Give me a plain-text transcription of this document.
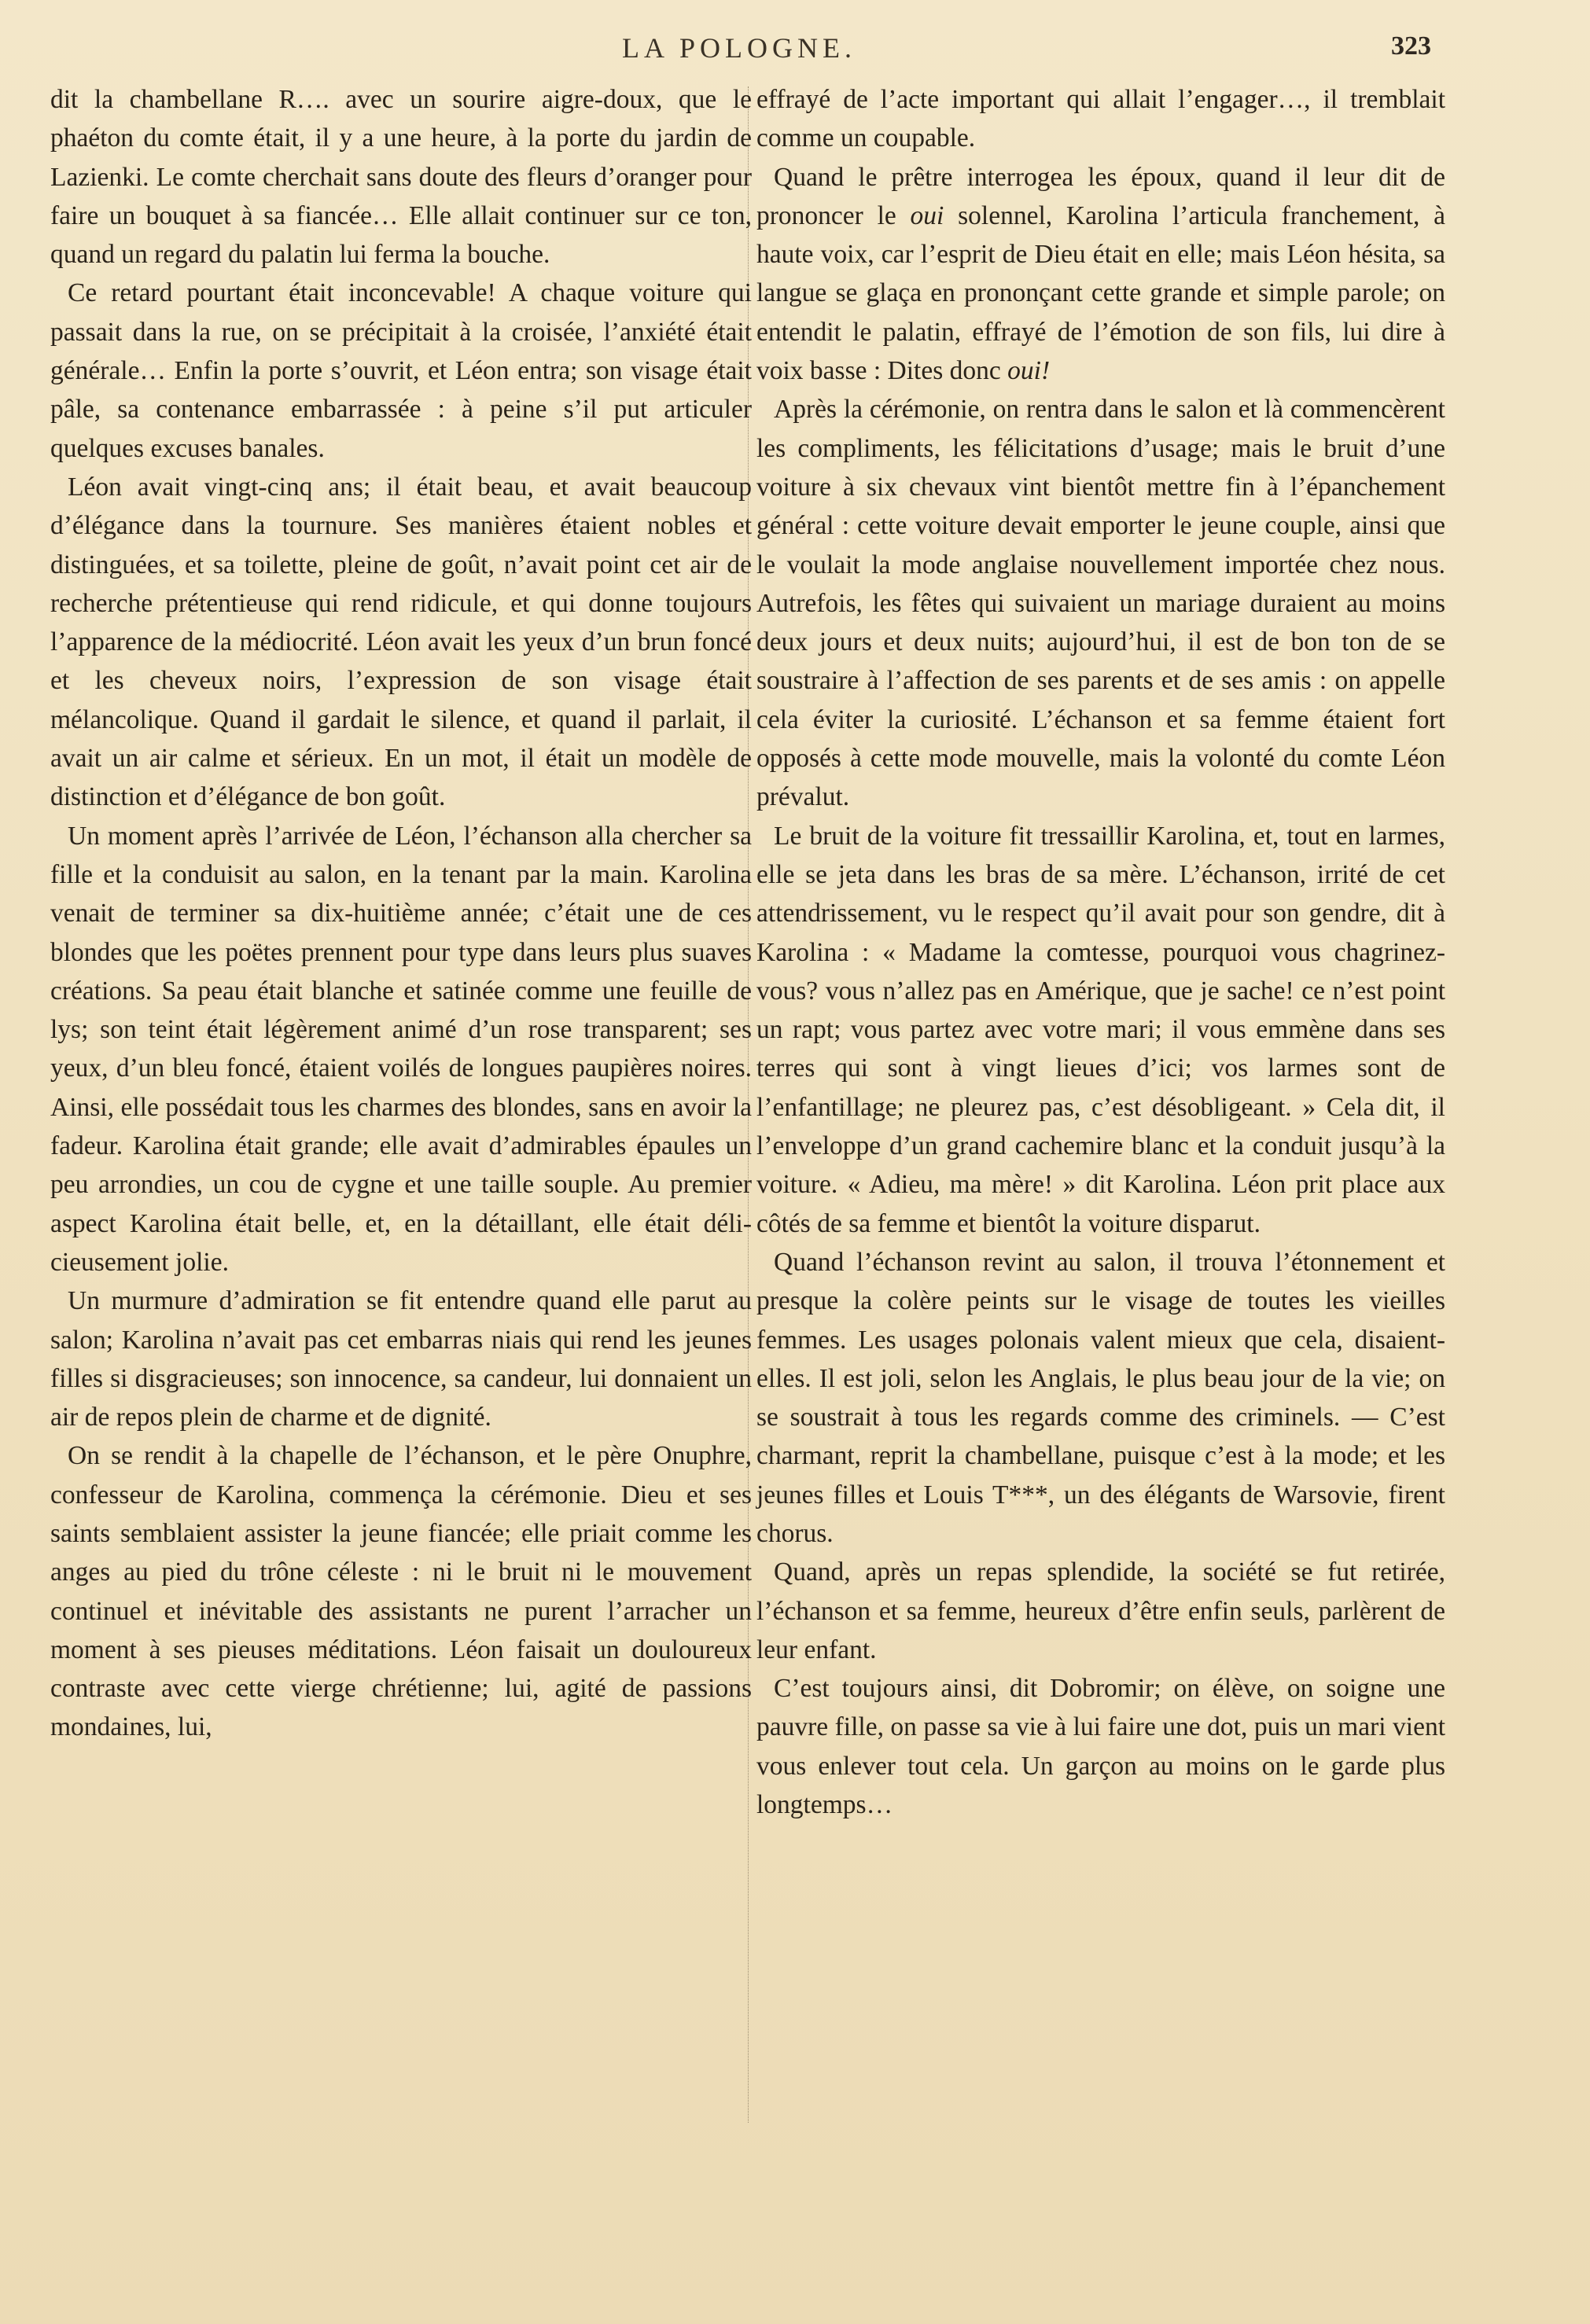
LA POLOGNE.	323

dit la chambellane R…. avec un sourire aigre-doux, que le phaéton du comte était, il y a une heure, à la porte du jardin de Lazienki. Le comte cherchait sans doute des fleurs d’oranger pour faire un bouquet à sa fiancée… Elle allait continuer sur ce ton, quand un regard du palatin lui ferma la bouche.

Ce retard pourtant était inconcevable! A chaque voiture qui passait dans la rue, on se précipitait à la croisée, l’anxiété était générale… Enfin la porte s’ouvrit, et Léon entra; son visage était pâle, sa contenance embarrassée : à peine s’il put articuler quelques excuses banales.

Léon avait vingt-cinq ans; il était beau, et avait beaucoup d’élégance dans la tournure. Ses manières étaient nobles et distinguées, et sa toilette, pleine de goût, n’avait point cet air de recherche prétentieuse qui rend ridicule, et qui donne toujours l’apparence de la médiocrité. Léon avait les yeux d’un brun foncé et les cheveux noirs, l’expression de son visage était mélancolique. Quand il gardait le silence, et quand il parlait, il avait un air calme et sérieux. En un mot, il était un modèle de distinction et d’élégance de bon goût.

Un moment après l’arrivée de Léon, l’échanson alla chercher sa fille et la conduisit au salon, en la tenant par la main. Karolina venait de terminer sa dix-huitième année; c’était une de ces blondes que les poëtes prennent pour type dans leurs plus suaves créations. Sa peau était blanche et satinée comme une feuille de lys; son teint était légèrement animé d’un rose transparent; ses yeux, d’un bleu foncé, étaient voilés de longues paupières noires. Ainsi, elle possédait tous les charmes des blondes, sans en avoir la fadeur. Karolina était grande; elle avait d’admirables épaules un peu arrondies, un cou de cygne et une taille souple. Au premier aspect Karolina était belle, et, en la détaillant, elle était délicieusement jolie.

Un murmure d’admiration se fit entendre quand elle parut au salon; Karolina n’avait pas cet embarras niais qui rend les jeunes filles si disgracieuses; son innocence, sa candeur, lui donnaient un air de repos plein de charme et de dignité.

On se rendit à la chapelle de l’échanson, et le père Onuphre, confesseur de Karolina, commença la cérémonie. Dieu et ses saints semblaient assister la jeune fiancée; elle priait comme les anges au pied du trône céleste : ni le bruit ni le mouvement continuel et inévitable des assistants ne purent l’arracher un moment à ses pieuses méditations. Léon faisait un douloureux contraste avec cette vierge chrétienne; lui, agité de passions mondaines, lui,

effrayé de l’acte important qui allait l’engager…, il tremblait comme un coupable.

Quand le prêtre interrogea les époux, quand il leur dit de prononcer le oui solennel, Karolina l’articula franchement, à haute voix, car l’esprit de Dieu était en elle; mais Léon hésita, sa langue se glaça en prononçant cette grande et simple parole; on entendit le palatin, effrayé de l’émotion de son fils, lui dire à voix basse : Dites donc oui!

Après la cérémonie, on rentra dans le salon et là commencèrent les compliments, les félicitations d’usage; mais le bruit d’une voiture à six chevaux vint bientôt mettre fin à l’épanchement général : cette voiture devait emporter le jeune couple, ainsi que le voulait la mode anglaise nouvellement importée chez nous. Autrefois, les fêtes qui suivaient un mariage duraient au moins deux jours et deux nuits; aujourd’hui, il est de bon ton de se soustraire à l’affection de ses parents et de ses amis : on appelle cela éviter la curiosité. L’échanson et sa femme étaient fort opposés à cette mode mouvelle, mais la volonté du comte Léon prévalut.

Le bruit de la voiture fit tressaillir Karolina, et, tout en larmes, elle se jeta dans les bras de sa mère. L’échanson, irrité de cet attendrissement, vu le respect qu’il avait pour son gendre, dit à Karolina : « Madame la comtesse, pourquoi vous chagrinez-vous? vous n’allez pas en Amérique, que je sache! ce n’est point un rapt; vous partez avec votre mari; il vous emmène dans ses terres qui sont à vingt lieues d’ici; vos larmes sont de l’enfantillage; ne pleurez pas, c’est désobligeant. » Cela dit, il l’enveloppe d’un grand cachemire blanc et la conduit jusqu’à la voiture. « Adieu, ma mère! » dit Karolina. Léon prit place aux côtés de sa femme et bientôt la voiture disparut.

Quand l’échanson revint au salon, il trouva l’étonnement et presque la colère peints sur le visage de toutes les vieilles femmes. Les usages polonais valent mieux que cela, disaient-elles. Il est joli, selon les Anglais, le plus beau jour de la vie; on se soustrait à tous les regards comme des criminels. — C’est charmant, reprit la chambellane, puisque c’est à la mode; et les jeunes filles et Louis T***, un des élégants de Warsovie, firent chorus.

Quand, après un repas splendide, la société se fut retirée, l’échanson et sa femme, heureux d’être enfin seuls, parlèrent de leur enfant.

C’est toujours ainsi, dit Dobromir; on élève, on soigne une pauvre fille, on passe sa vie à lui faire une dot, puis un mari vient vous enlever tout cela. Un garçon au moins on le garde plus longtemps…
